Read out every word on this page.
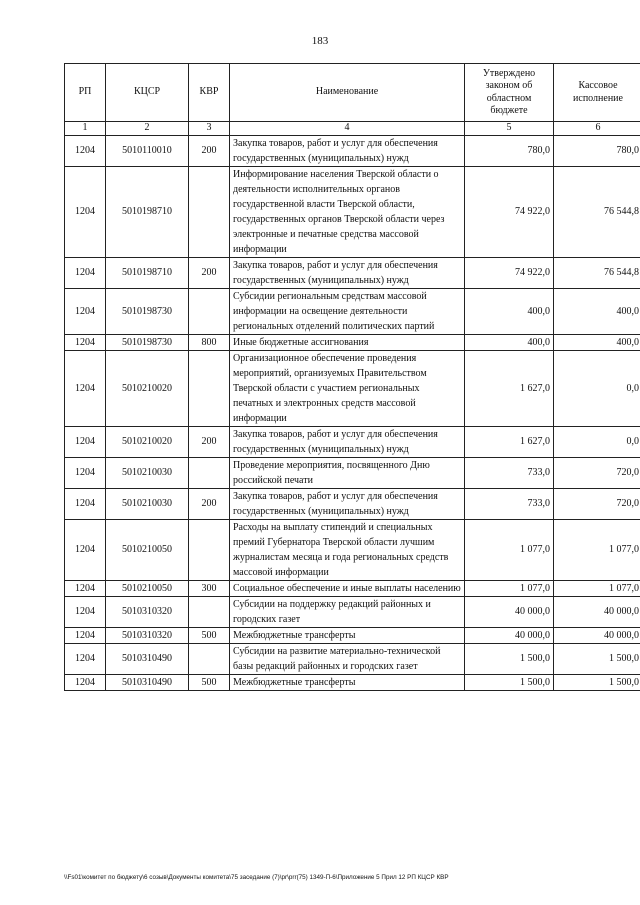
183
РП	КЦСР	КВР	Наименование	Утверждено законом об областном бюджете	Кассовое исполнение
1	2	3	4	5	6
1204	5010110010	200	Закупка товаров, работ и услуг для обеспечения государственных (муниципальных) нужд	780,0	780,0
1204	5010198710		Информирование населения Тверской области о деятельности исполнительных органов государственной власти Тверской области, государственных органов Тверской области через электронные и печатные средства массовой информации	74 922,0	76 544,8
1204	5010198710	200	Закупка товаров, работ и услуг для обеспечения государственных (муниципальных) нужд	74 922,0	76 544,8
1204	5010198730		Субсидии региональным средствам массовой информации на освещение деятельности региональных отделений политических партий	400,0	400,0
1204	5010198730	800	Иные бюджетные ассигнования	400,0	400,0
1204	5010210020		Организационное обеспечение проведения мероприятий, организуемых Правительством Тверской области с участием региональных печатных и электронных средств массовой информации	1 627,0	0,0
1204	5010210020	200	Закупка товаров, работ и услуг для обеспечения государственных (муниципальных) нужд	1 627,0	0,0
1204	5010210030		Проведение мероприятия, посвященного Дню российской печати	733,0	720,0
1204	5010210030	200	Закупка товаров, работ и услуг для обеспечения государственных (муниципальных) нужд	733,0	720,0
1204	5010210050		Расходы на выплату стипендий и специальных премий Губернатора Тверской области лучшим журналистам месяца и года региональных средств массовой информации	1 077,0	1 077,0
1204	5010210050	300	Социальное обеспечение и иные выплаты населению	1 077,0	1 077,0
1204	5010310320		Субсидии на поддержку редакций районных и городских газет	40 000,0	40 000,0
1204	5010310320	500	Межбюджетные трансферты	40 000,0	40 000,0
1204	5010310490		Субсидии на развитие материально-технической базы редакций районных и городских газет	1 500,0	1 500,0
1204	5010310490	500	Межбюджетные трансферты	1 500,0	1 500,0
\\Fs01\комитет по бюджету\6 созыв\Документы комитета\75 заседание (7)\pr\prr(75) 1349-П-6\Приложение 5 Прил 12 РП КЦСР КВР
